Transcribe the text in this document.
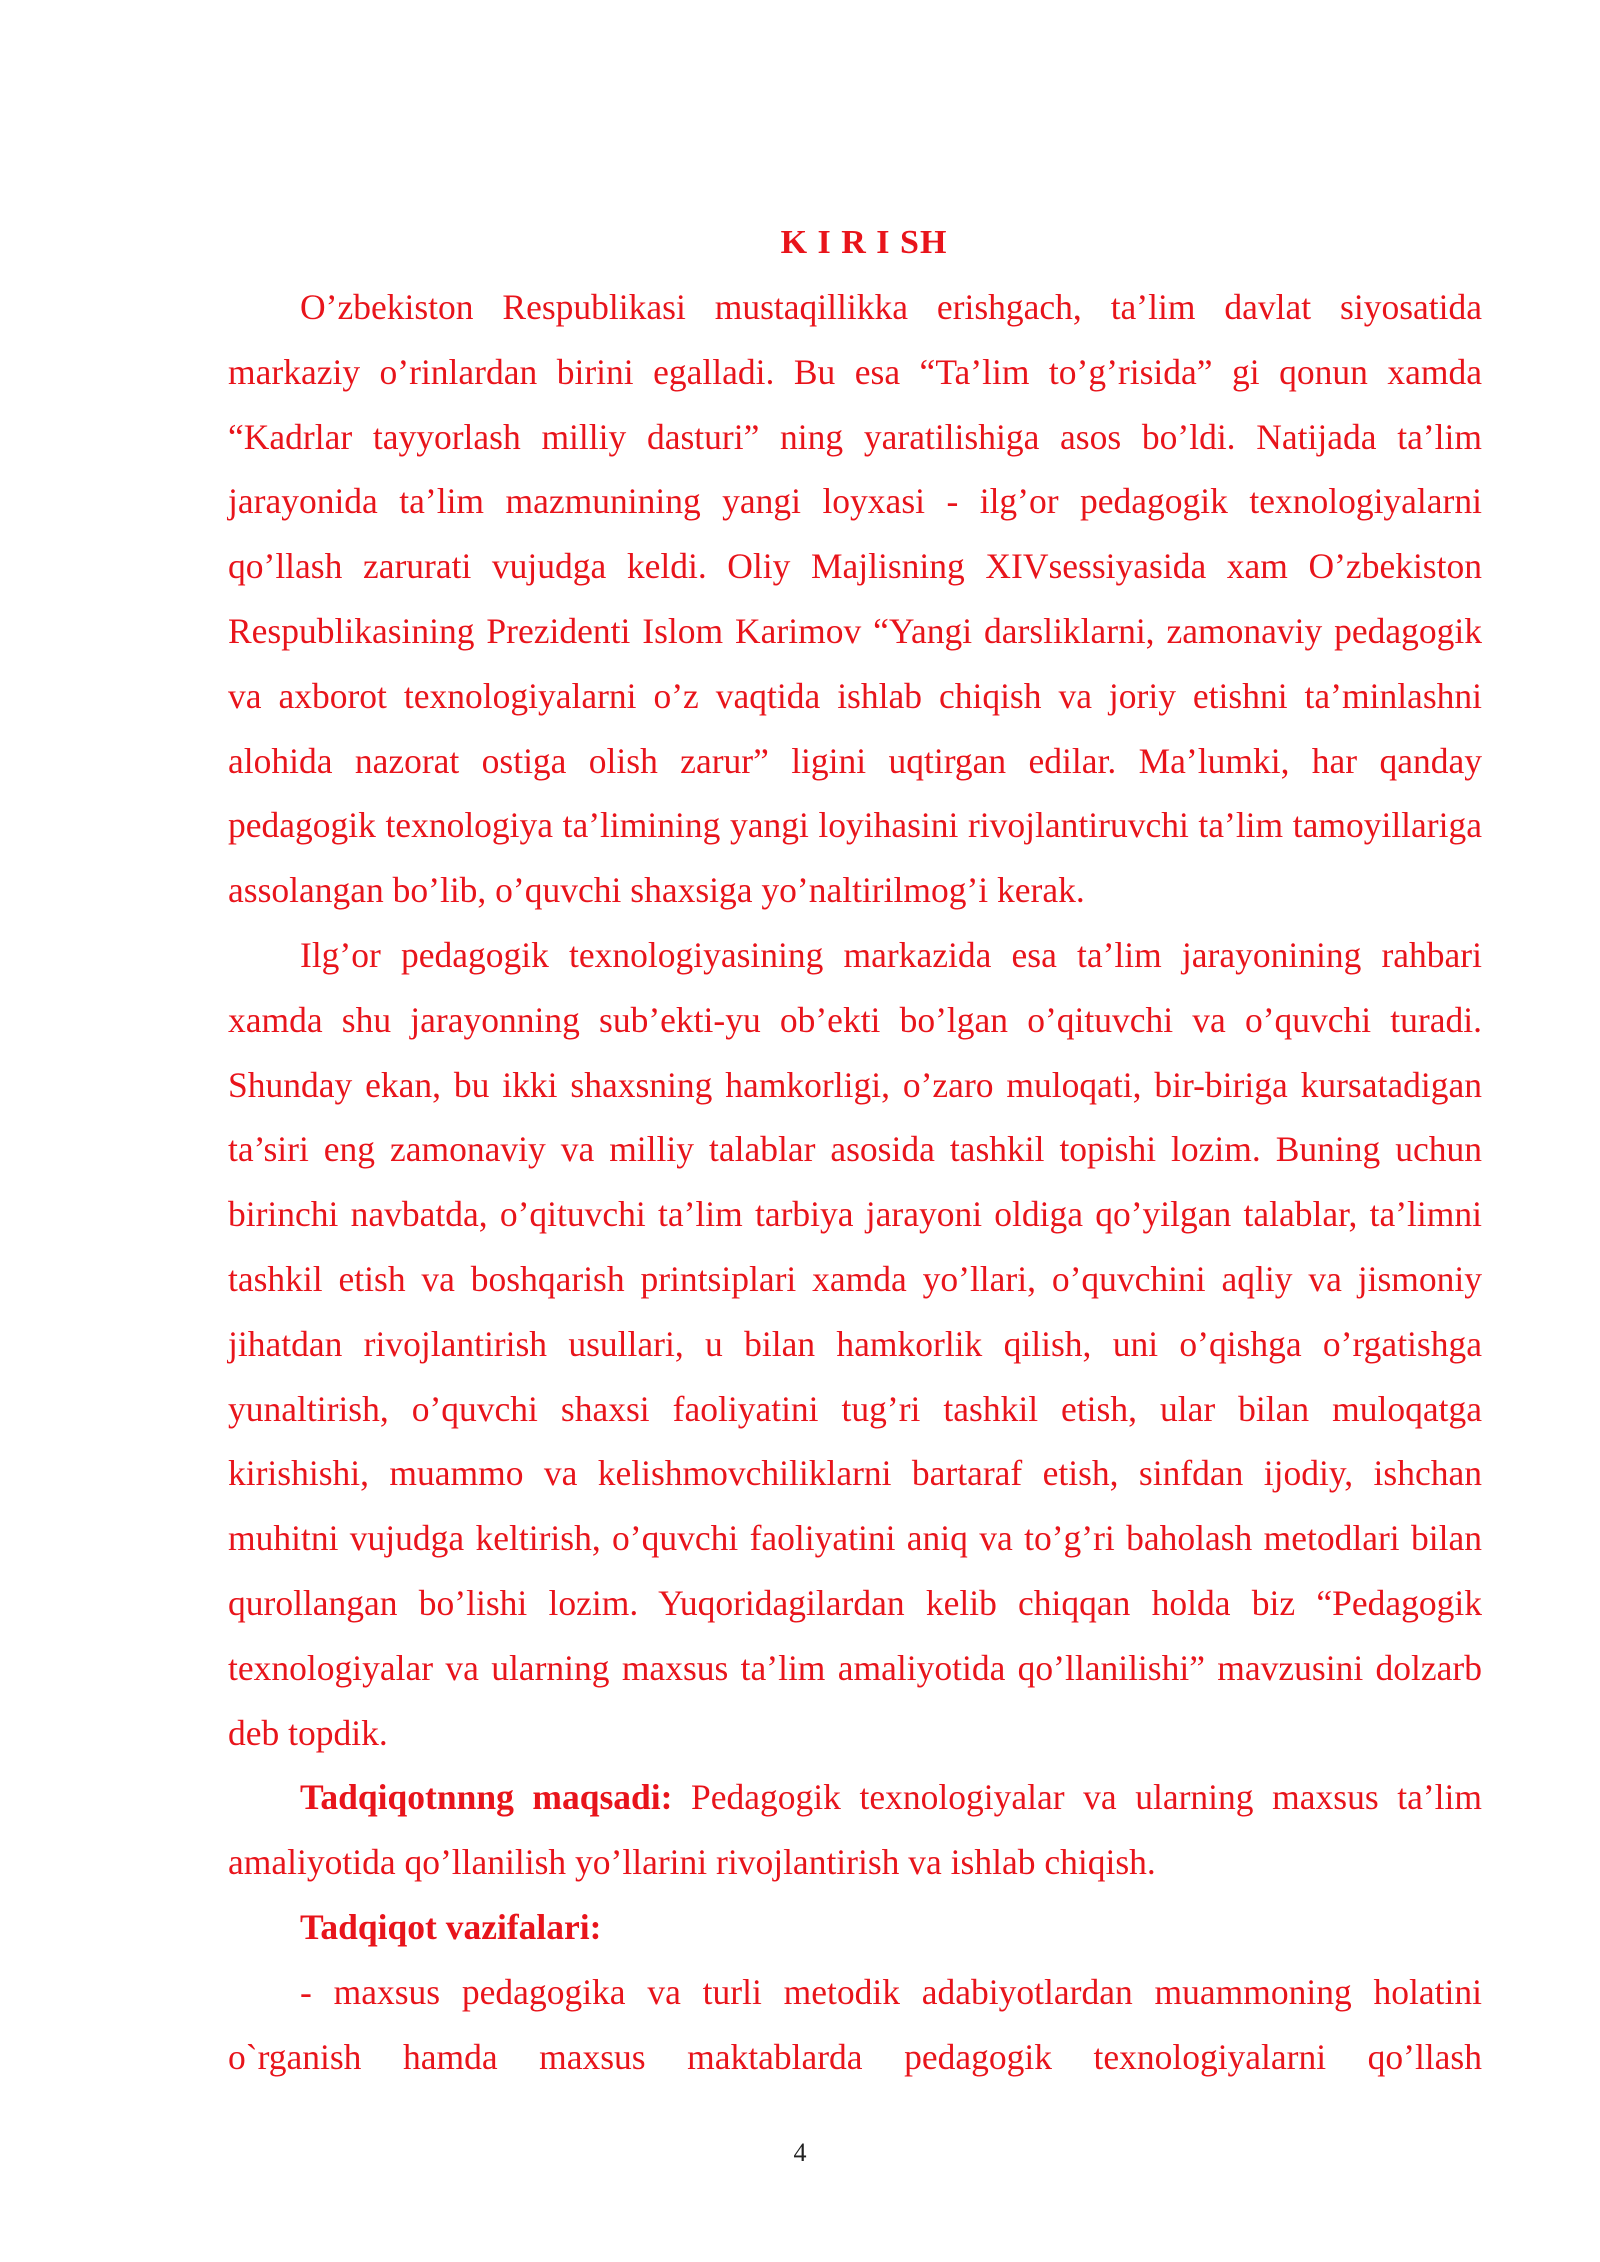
K I R I SH

O’zbekiston Respublikasi mustaqillikka erishgach, ta’lim davlat siyosatida markaziy o’rinlardan birini egalladi. Bu esa “Ta’lim to’g’risida” gi qonun xamda “Kadrlar tayyorlash milliy dasturi” ning yaratilishiga asos bo’ldi. Natijada ta’lim jarayonida ta’lim mazmunining yangi loyxasi - ilg’or pedagogik texnologiyalarni qo’llash zarurati vujudga keldi. Oliy Majlisning XIVsessiyasida xam O’zbekiston Respublikasining Prezidenti Islom Karimov “Yangi darsliklarni, zamonaviy pedagogik va axborot texnologiyalarni o’z vaqtida ishlab chiqish va joriy etishni ta’minlashni alohida nazorat ostiga olish zarur” ligini uqtirgan edilar. Ma’lumki, har qanday pedagogik texnologiya ta’limining yangi loyihasini rivojlantiruvchi ta’lim tamoyillariga assolangan bo’lib, o’quvchi shaxsiga yo’naltirilmog’i kerak.

Ilg’or pedagogik texnologiyasining markazida esa ta’lim jarayonining rahbari xamda shu jarayonning sub’ekti-yu ob’ekti bo’lgan o’qituvchi va o’quvchi turadi. Shunday ekan, bu ikki shaxsning hamkorligi, o’zaro muloqati, bir-biriga kursatadigan ta’siri eng zamonaviy va milliy talablar asosida tashkil topishi lozim. Buning uchun birinchi navbatda, o’qituvchi ta’lim tarbiya jarayoni oldiga qo’yilgan talablar, ta’limni tashkil etish va boshqarish printsiplari xamda yo’llari, o’quvchini aqliy va jismoniy jihatdan rivojlantirish usullari, u bilan hamkorlik qilish, uni o’qishga o’rgatishga yunaltirish, o’quvchi shaxsi faoliyatini tug’ri tashkil etish, ular bilan muloqatga kirishishi, muammo va kelishmovchiliklarni bartaraf etish, sinfdan ijodiy, ishchan muhitni vujudga keltirish, o’quvchi faoliyatini aniq va to’g’ri baholash metodlari bilan qurollangan bo’lishi lozim. Yuqoridagilardan kelib chiqqan holda biz “Pedagogik texnologiyalar va ularning maxsus ta’lim amaliyotida qo’llanilishi” mavzusini dolzarb deb topdik.

Tadqiqotnnng maqsadi: Pedagogik texnologiyalar va ularning maxsus ta’lim amaliyotida qo’llanilish yo’llarini rivojlantirish va ishlab chiqish.

Tadqiqot vazifalari:

- maxsus pedagogika va turli metodik adabiyotlardan muammoning holatini o`rganish hamda maxsus maktablarda pedagogik texnologiyalarni qo’llash

4
